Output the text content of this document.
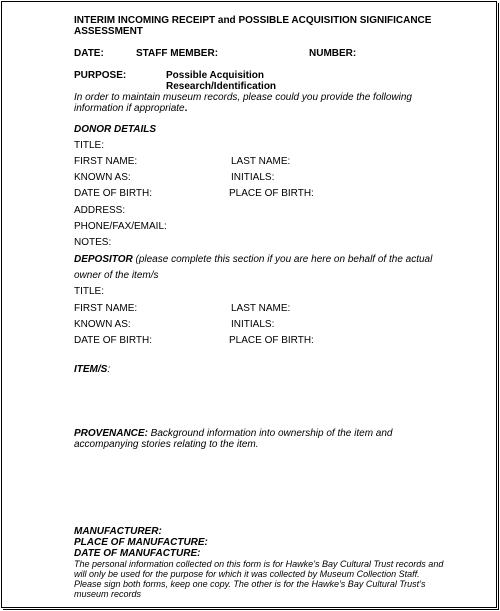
INTERIM INCOMING RECEIPT and POSSIBLE ACQUISITION SIGNIFICANCE
ASSESSMENT
DATE:	STAFF MEMBER:	NUMBER:
PURPOSE:	Possible Acquisition
Research/Identification
In order to maintain museum records, please could you provide the following
information if appropriate.
DONOR DETAILS
TITLE:
FIRST NAME:	LAST NAME:
KNOWN AS:	INITIALS:
DATE OF BIRTH:	PLACE OF BIRTH:
ADDRESS:
PHONE/FAX/EMAIL:
NOTES:
DEPOSITOR (please complete this section if you are here on behalf of the actual
owner of the item/s
TITLE:
FIRST NAME:	LAST NAME:
KNOWN AS:	INITIALS:
DATE OF BIRTH:	PLACE OF BIRTH:
ITEM/S:
PROVENANCE: Background information into ownership of the item and
accompanying stories relating to the item.
MANUFACTURER:
PLACE OF MANUFACTURE:
DATE OF MANUFACTURE:
The personal information collected on this form is for Hawke’s Bay Cultural Trust records and
will only be used for the purpose for which it was collected by Museum Collection Staff.
Please sign both forms, keep one copy. The other is for the Hawke’s Bay Cultural Trust’s
museum records
